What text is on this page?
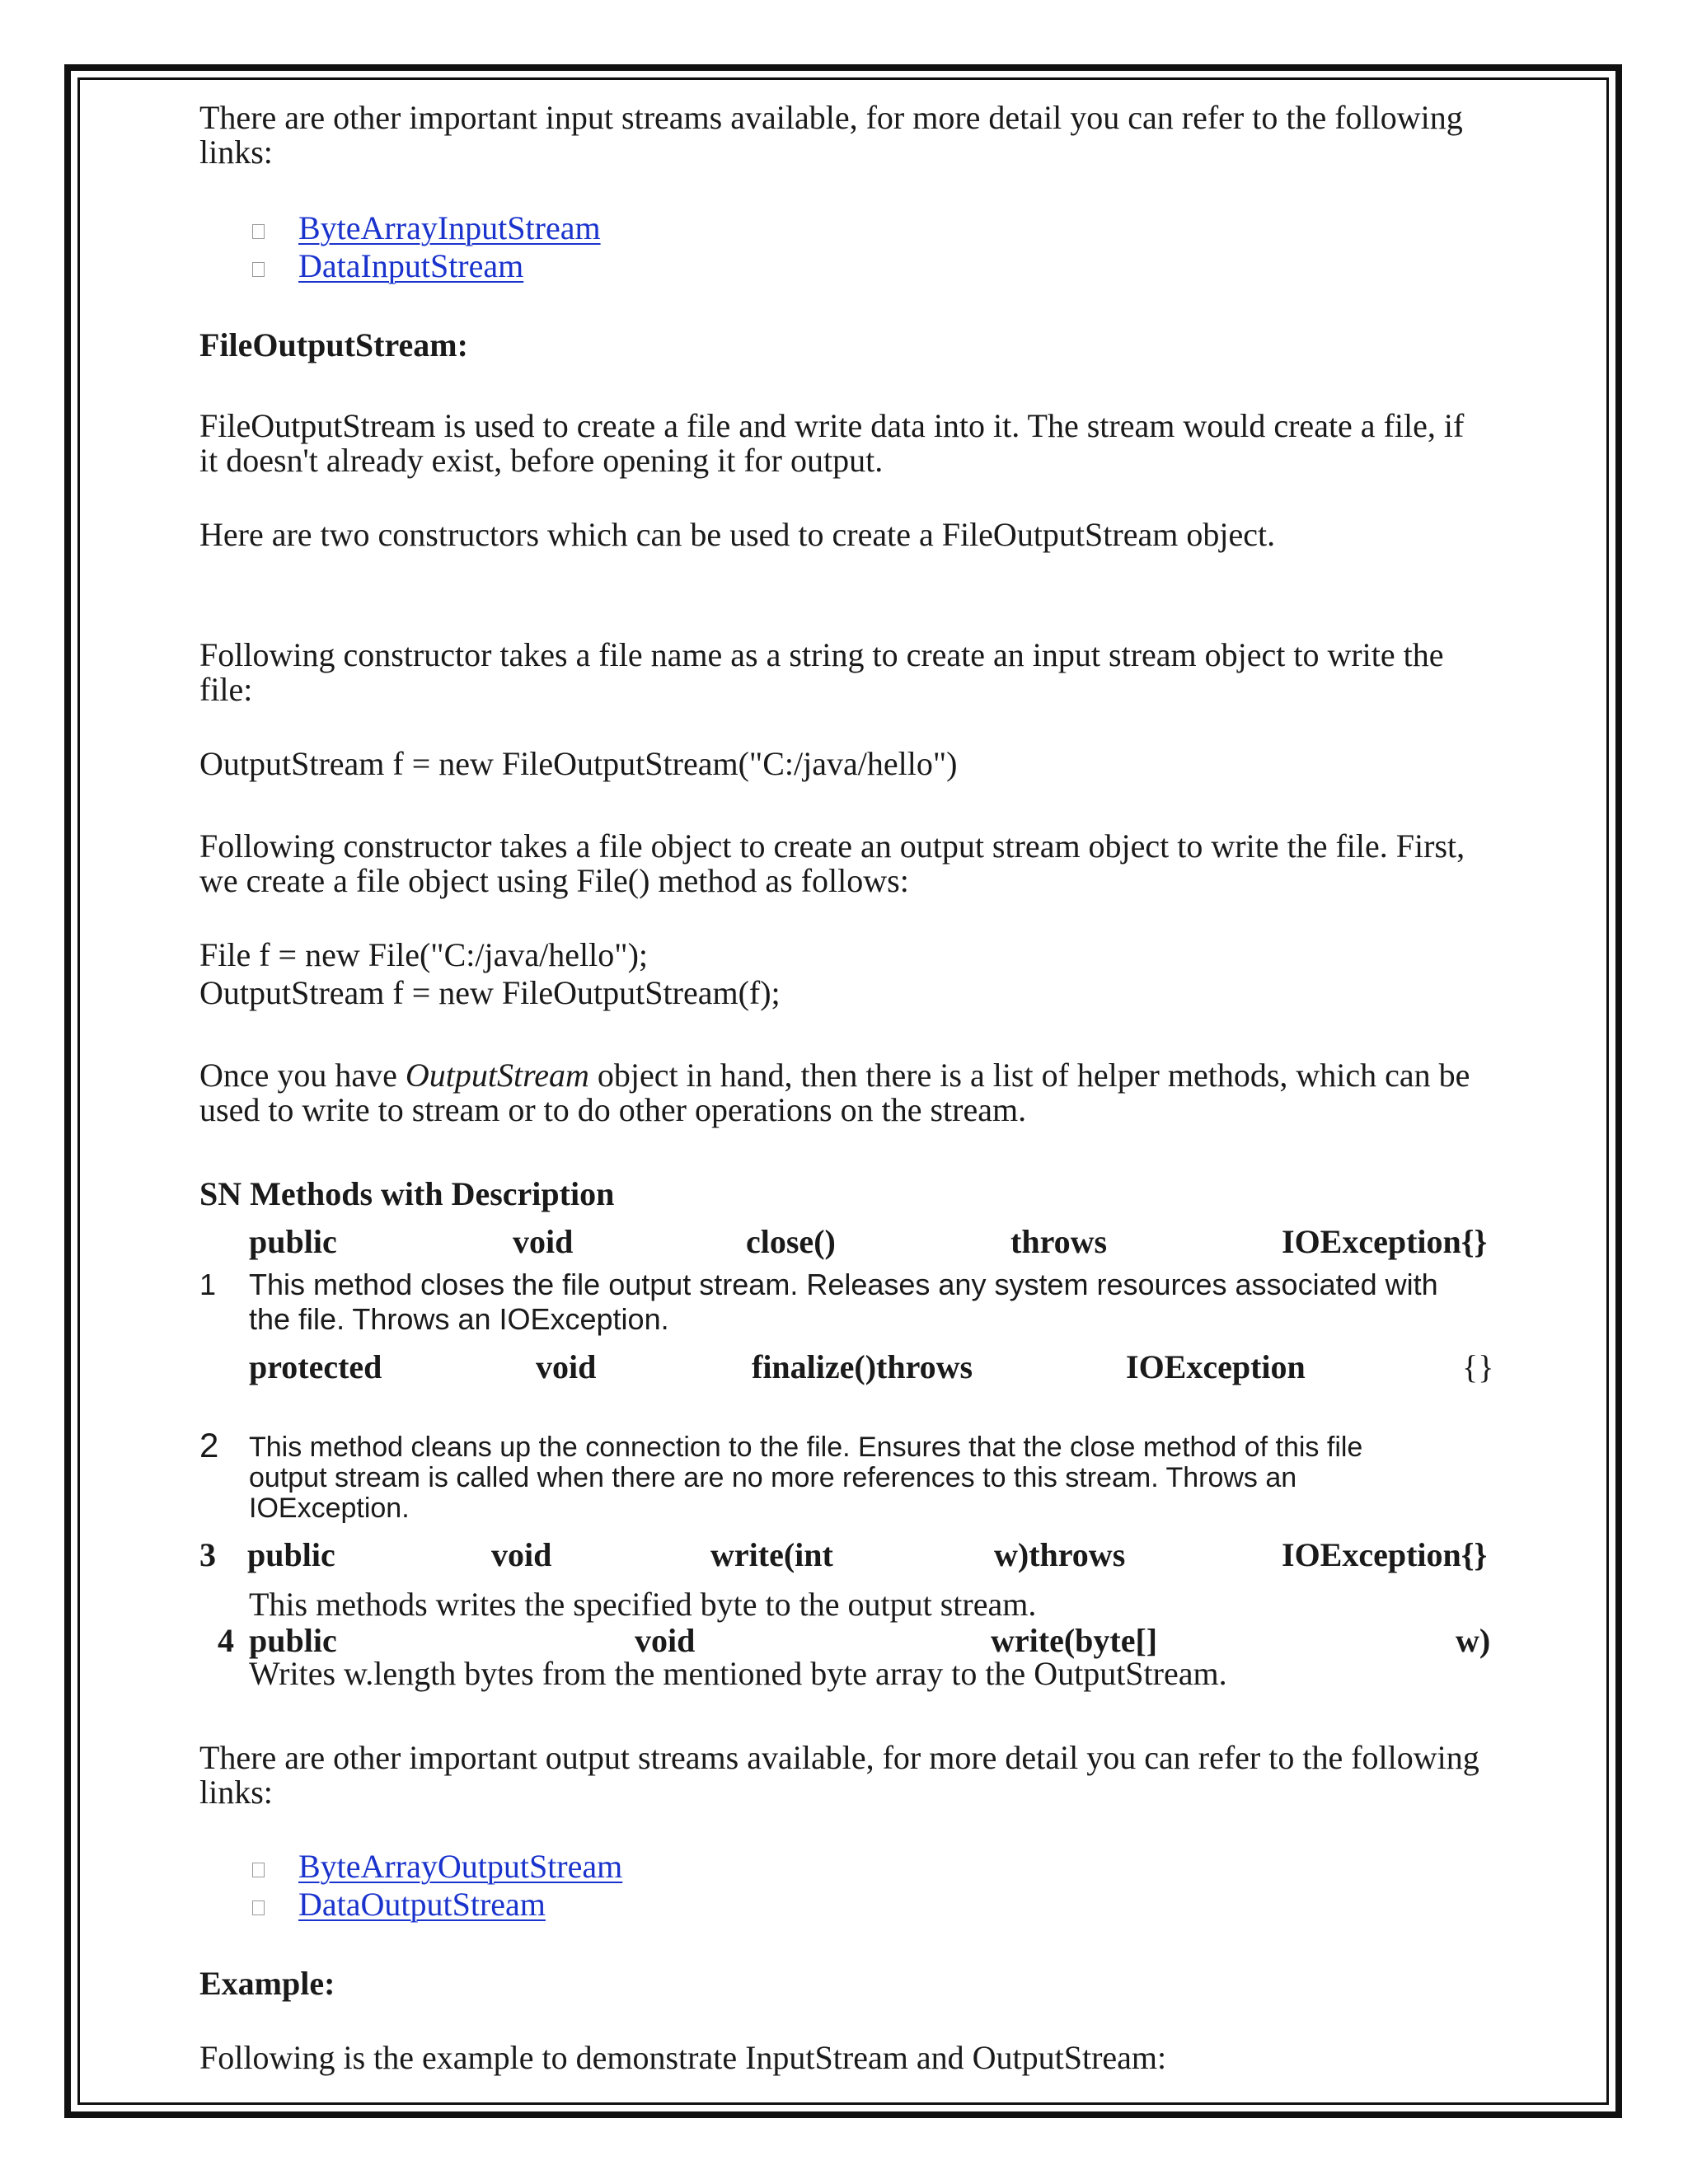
There are other important input streams available, for more detail you can refer to the following
links:
ByteArrayInputStream
DataInputStream
FileOutputStream:
FileOutputStream is used to create a file and write data into it. The stream would create a file, if
it doesn't already exist, before opening it for output.
Here are two constructors which can be used to create a FileOutputStream object.
Following constructor takes a file name as a string to create an input stream object to write the
file:
OutputStream f = new FileOutputStream("C:/java/hello")
Following constructor takes a file object to create an output stream object to write the file. First,
we create a file object using File() method as follows:
File f = new File("C:/java/hello");
OutputStream f = new FileOutputStream(f);
Once you have OutputStream object in hand, then there is a list of helper methods, which can be
used to write to stream or to do other operations on the stream.
SN Methods with Description
public	void	close()	throws	IOException{}
1 This method closes the file output stream. Releases any system resources associated with
the file. Throws an IOException.
protected	void	finalize()throws	IOException	{}
2 This method cleans up the connection to the file. Ensures that the close method of this file
output stream is called when there are no more references to this stream. Throws an
IOException.
3 public	void	write(int	w)throws	IOException{}
This methods writes the specified byte to the output stream.
4 public	void	write(byte[]	w)
Writes w.length bytes from the mentioned byte array to the OutputStream.
There are other important output streams available, for more detail you can refer to the following
links:
ByteArrayOutputStream
DataOutputStream
Example:
Following is the example to demonstrate InputStream and OutputStream:
